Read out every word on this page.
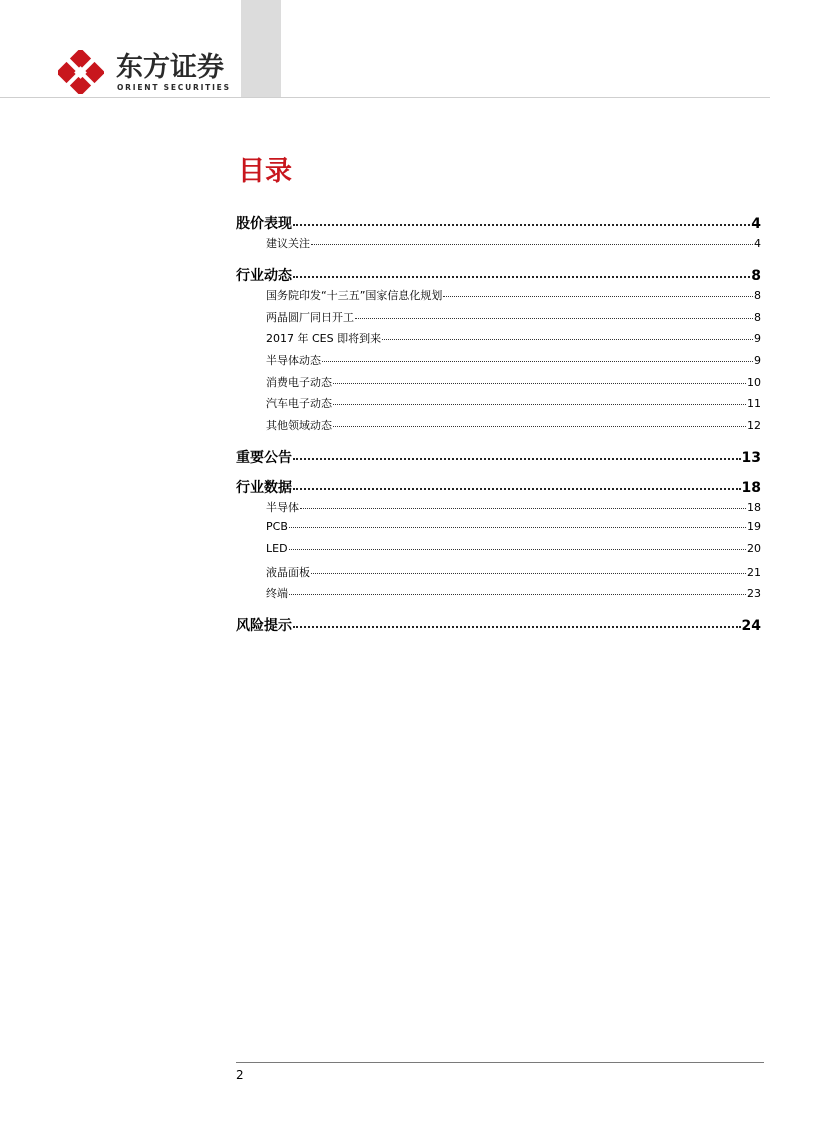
东方证券
ORIENT SECURITIES
目录
股价表现	4
建议关注	4
行业动态	8
国务院印发“十三五”国家信息化规划	8
两晶圆厂同日开工	8
2017 年 CES 即将到来	9
半导体动态	9
消费电子动态	10
汽车电子动态	11
其他领域动态	12
重要公告	13
行业数据	18
半导体	18
PCB	19
LED	20
液晶面板	21
终端	23
风险提示	24
2
